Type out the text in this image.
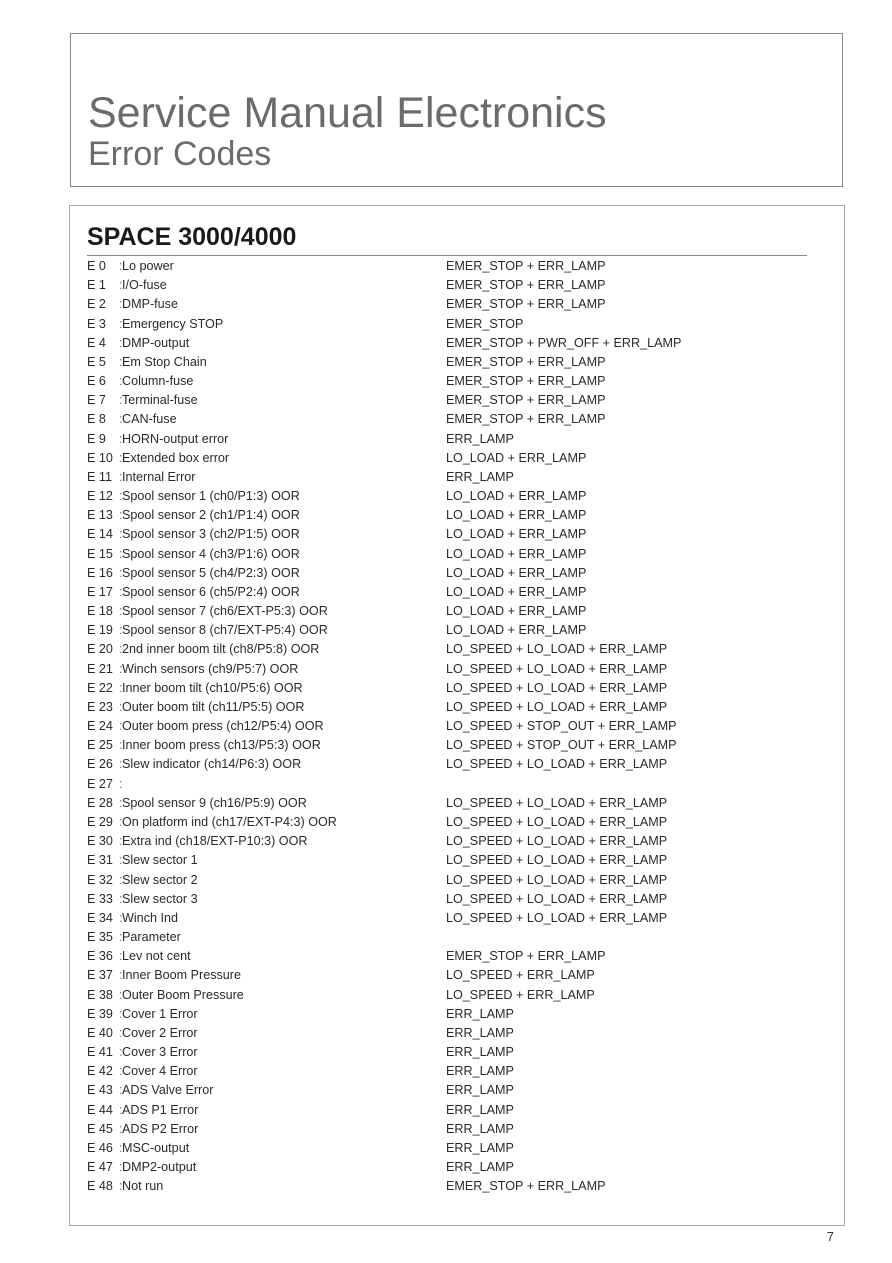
Service Manual Electronics
Error Codes
SPACE 3000/4000
E 0	: Lo power	EMER_STOP + ERR_LAMP
E 1	: I/O-fuse	EMER_STOP + ERR_LAMP
E 2	: DMP-fuse	EMER_STOP + ERR_LAMP
E 3	: Emergency STOP	EMER_STOP
E 4	: DMP-output	EMER_STOP + PWR_OFF + ERR_LAMP
E 5	: Em Stop Chain	EMER_STOP + ERR_LAMP
E 6	: Column-fuse	EMER_STOP + ERR_LAMP
E 7	: Terminal-fuse	EMER_STOP + ERR_LAMP
E 8	: CAN-fuse	EMER_STOP + ERR_LAMP
E 9	: HORN-output error	ERR_LAMP
E 10 : Extended box error	LO_LOAD + ERR_LAMP
E 11 : Internal Error	ERR_LAMP
E 12 : Spool sensor 1 (ch0/P1:3) OOR	LO_LOAD + ERR_LAMP
E 13 : Spool sensor 2 (ch1/P1:4) OOR	LO_LOAD + ERR_LAMP
E 14 : Spool sensor 3 (ch2/P1:5) OOR	LO_LOAD + ERR_LAMP
E 15 : Spool sensor 4 (ch3/P1:6) OOR	LO_LOAD + ERR_LAMP
E 16 : Spool sensor 5 (ch4/P2:3) OOR	LO_LOAD + ERR_LAMP
E 17 : Spool sensor 6 (ch5/P2:4) OOR	LO_LOAD + ERR_LAMP
E 18 : Spool sensor 7 (ch6/EXT-P5:3) OOR	LO_LOAD + ERR_LAMP
E 19 : Spool sensor 8 (ch7/EXT-P5:4) OOR	LO_LOAD + ERR_LAMP
E 20 : 2nd inner boom tilt (ch8/P5:8) OOR	LO_SPEED + LO_LOAD + ERR_LAMP
E 21 : Winch sensors (ch9/P5:7) OOR	LO_SPEED + LO_LOAD + ERR_LAMP
E 22 : Inner boom tilt (ch10/P5:6) OOR	LO_SPEED + LO_LOAD + ERR_LAMP
E 23 : Outer boom tilt (ch11/P5:5) OOR	LO_SPEED + LO_LOAD + ERR_LAMP
E 24 : Outer boom press (ch12/P5:4) OOR	LO_SPEED + STOP_OUT + ERR_LAMP
E 25 : Inner boom press (ch13/P5:3) OOR	LO_SPEED + STOP_OUT + ERR_LAMP
E 26 : Slew indicator (ch14/P6:3) OOR	LO_SPEED + LO_LOAD + ERR_LAMP
E 27 :
E 28 : Spool sensor 9 (ch16/P5:9) OOR	LO_SPEED + LO_LOAD + ERR_LAMP
E 29 : On platform ind (ch17/EXT-P4:3) OOR	LO_SPEED + LO_LOAD + ERR_LAMP
E 30 : Extra ind (ch18/EXT-P10:3) OOR	LO_SPEED + LO_LOAD + ERR_LAMP
E 31 : Slew sector 1	LO_SPEED + LO_LOAD + ERR_LAMP
E 32 : Slew sector 2	LO_SPEED + LO_LOAD + ERR_LAMP
E 33 : Slew sector 3	LO_SPEED + LO_LOAD + ERR_LAMP
E 34 : Winch Ind	LO_SPEED + LO_LOAD + ERR_LAMP
E 35 : Parameter
E 36 : Lev not cent	EMER_STOP + ERR_LAMP
E 37 : Inner Boom Pressure	LO_SPEED + ERR_LAMP
E 38 : Outer Boom Pressure	LO_SPEED + ERR_LAMP
E 39 : Cover 1 Error	ERR_LAMP
E 40 : Cover 2 Error	ERR_LAMP
E 41 : Cover 3 Error	ERR_LAMP
E 42 : Cover 4 Error	ERR_LAMP
E 43 : ADS Valve Error	ERR_LAMP
E 44 : ADS P1 Error	ERR_LAMP
E 45 : ADS P2 Error	ERR_LAMP
E 46 : MSC-output	ERR_LAMP
E 47 : DMP2-output	ERR_LAMP
E 48 : Not run	EMER_STOP + ERR_LAMP
7
